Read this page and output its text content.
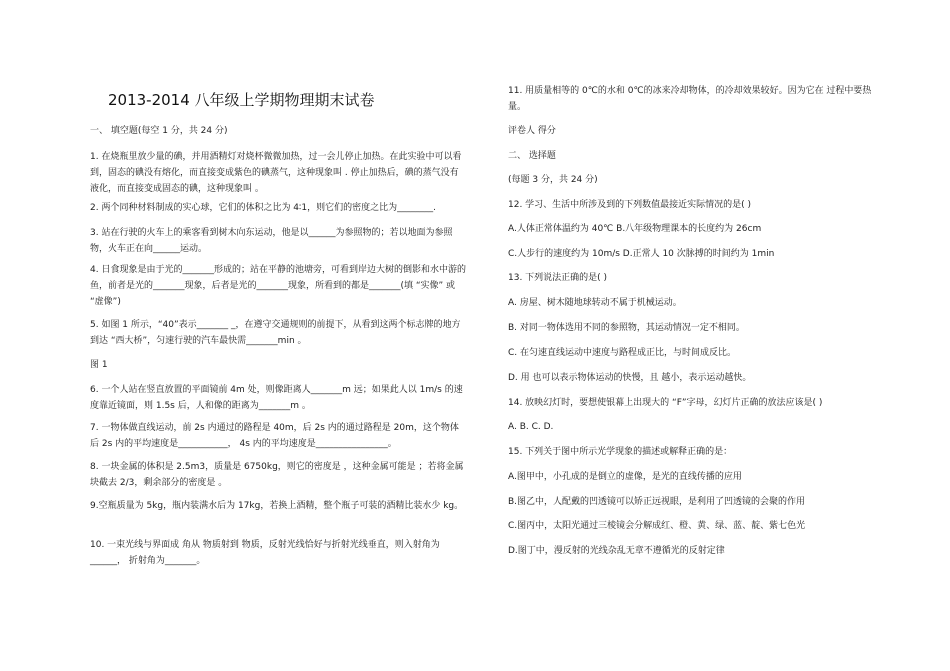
2013-2014 八年级上学期物理期末试卷

一、 填空题(每空 1 分，共 24 分)

1. 在烧瓶里放少量的碘，并用酒精灯对烧杯微微加热，过一会儿停止加热。在此实验中可以看到，固态的碘没有熔化，而直接变成紫色的碘蒸气，这种现象叫 . 停止加热后，碘的蒸气没有液化，而直接变成固态的碘，这种现象叫 。

2. 两个同种材料制成的实心球，它们的体积之比为 4∶1，则它们的密度之比为________.

3. 站在行驶的火车上的乘客看到树木向东运动，他是以______为参照物的；若以地面为参照物，火车正在向______运动。

4. 日食现象是由于光的_______形成的；站在平静的池塘旁，可看到岸边大树的倒影和水中游的鱼，前者是光的_______现象，后者是光的_______现象，所看到的都是_______(填 “实像” 或 “虚像”)

5. 如图 1 所示，“40”表示_______ _，在遵守交通规则的前提下，从看到这两个标志牌的地方到达 “西大桥”，匀速行驶的汽车最快需_______min 。

图 1

6. 一个人站在竖直放置的平面镜前 4m 处，则像距离人_______m 远；如果此人以 1m/s 的速度靠近镜面，则 1.5s 后，人和像的距离为_______m 。

7. 一物体做直线运动，前 2s 内通过的路程是 40m，后 2s 内的通过路程是 20m，这个物体后 2s 内的平均速度是___________， 4s 内的平均速度是________________。

8. 一块金属的体积是 2.5m3，质量是 6750kg，则它的密度是 ，这种金属可能是 ；若将金属块截去 2/3，剩余部分的密度是 。

9.空瓶质量为 5kg，瓶内装满水后为 17kg，若换上酒精，整个瓶子可装的酒精比装水少 kg。

10. 一束光线与界面成 角从 物质射到 物质，反射光线恰好与折射光线垂直，则入射角为______， 折射角为_______。

11. 用质量相等的 0℃的水和 0℃的冰来冷却物体，的冷却效果较好。因为它在 过程中要热量。

评卷人 得分

二、 选择题

(每题 3 分，共 24 分)

12. 学习、生活中所涉及到的下列数值最接近实际情况的是( )

A.人体正常体温约为 40℃ B.八年级物理课本的长度约为 26cm

C.人步行的速度约为 10m/s D.正常人 10 次脉搏的时间约为 1min

13. 下列说法正确的是( )

A. 房屋、树木随地球转动不属于机械运动。

B. 对同一物体选用不同的参照物，其运动情况一定不相同。

C. 在匀速直线运动中速度与路程成正比，与时间成反比。

D. 用 也可以表示物体运动的快慢，且 越小，表示运动越快。

14. 放映幻灯时，要想使银幕上出现大的 “F”字母，幻灯片正确的放法应该是( )

A. B. C. D.

15. 下列关于图中所示光学现象的描述或解释正确的是：

A.图甲中，小孔成的是倒立的虚像，是光的直线传播的应用

B.图乙中，人配戴的凹透镜可以矫正远视眼，是利用了凹透镜的会聚的作用

C.图丙中，太阳光通过三棱镜会分解成红、橙、黄、绿、蓝、靛、紫七色光

D.图丁中，漫反射的光线杂乱无章不遵循光的反射定律
